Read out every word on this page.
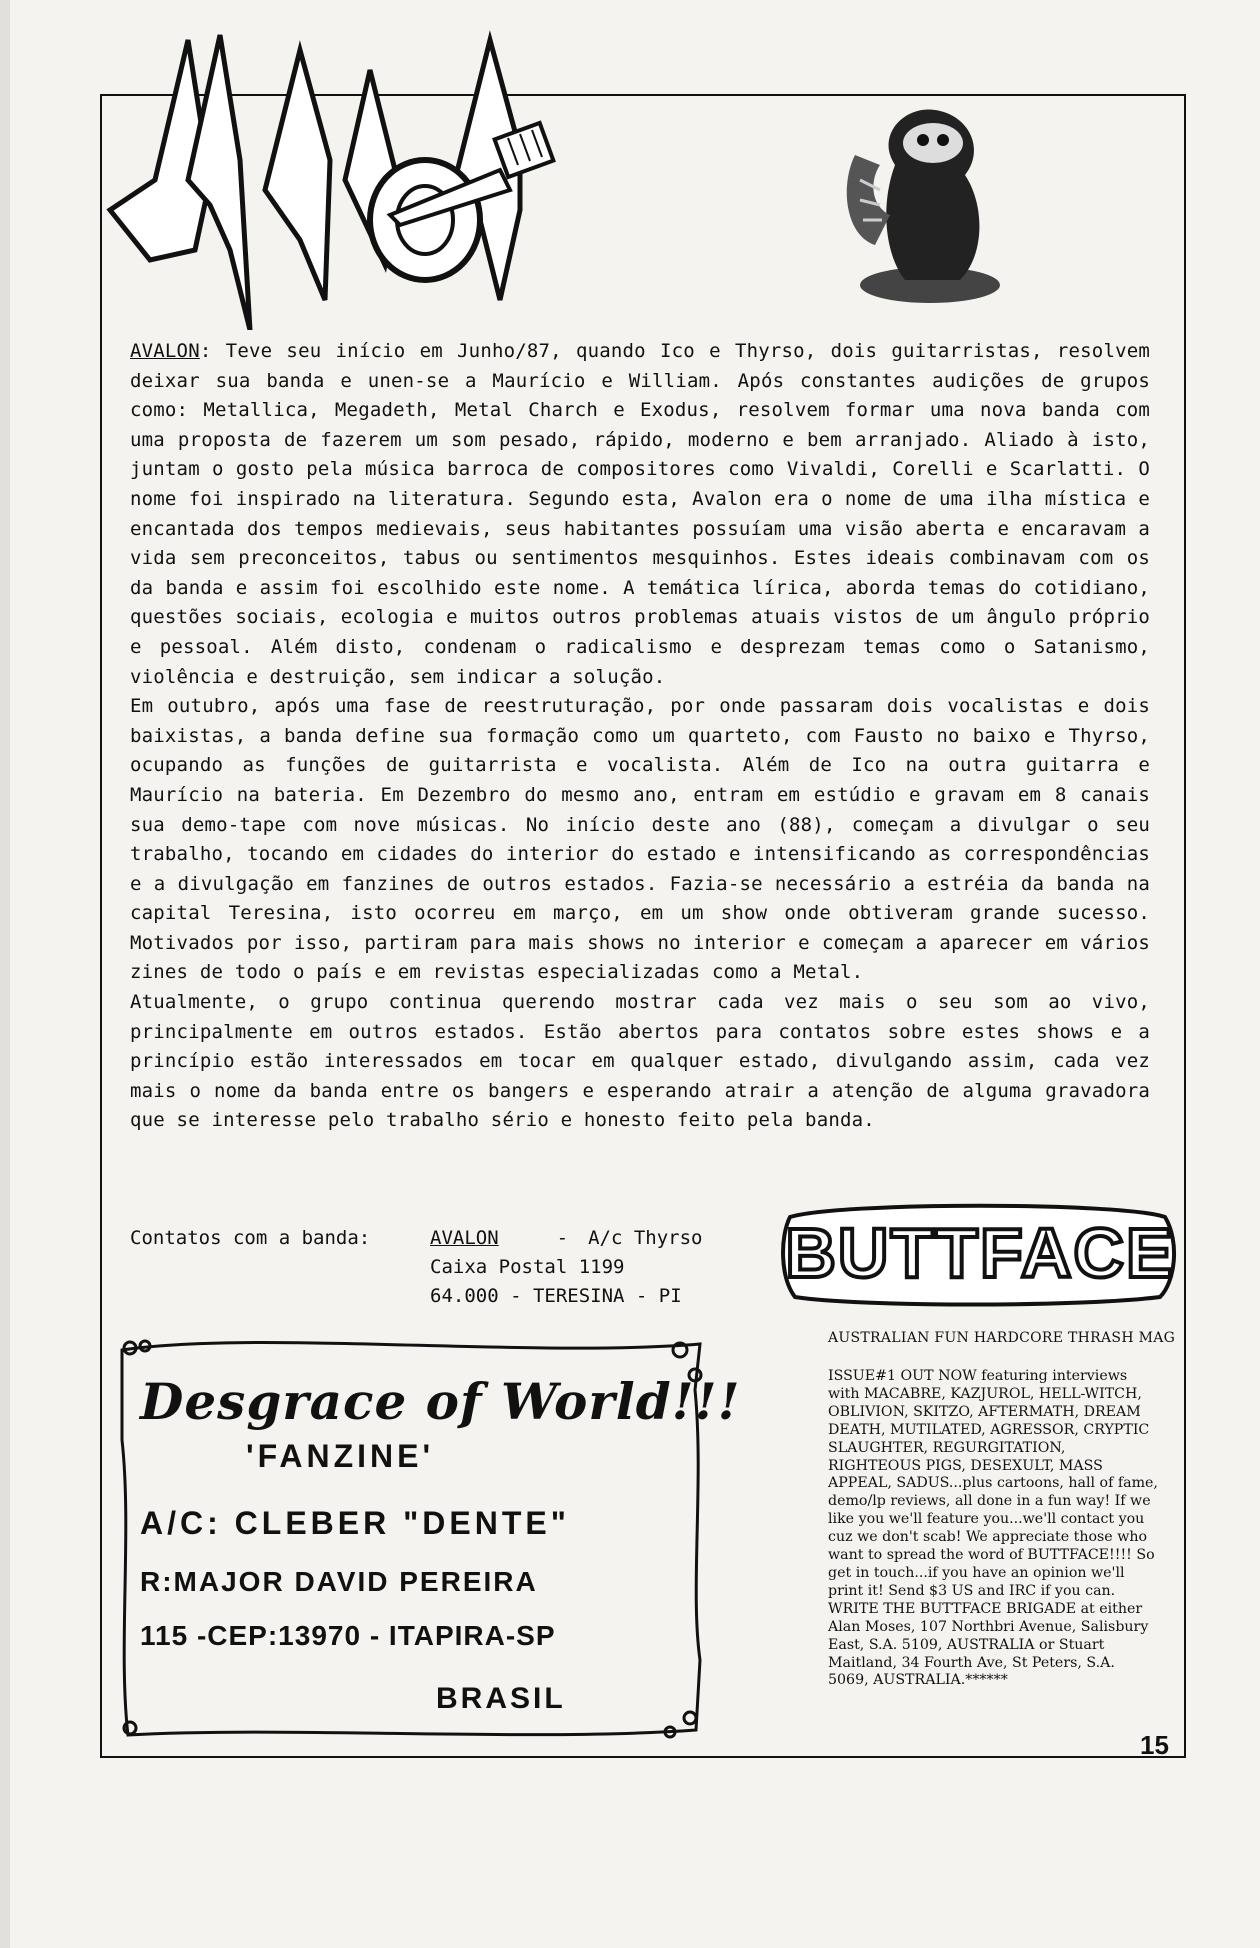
AVALON: Teve seu início em Junho/87, quando Ico e Thyrso, dois guitarristas, resolvem deixar sua banda e unen-se a Maurício e William. Após constantes audições de grupos como: Metallica, Megadeth, Metal Charch e Exodus, resolvem formar uma nova banda com uma proposta de fazerem um som pesado, rápido, moderno e bem arranjado. Aliado à isto, juntam o gosto pela música barroca de compositores como Vivaldi, Corelli e Scarlatti. O nome foi inspirado na literatura. Segundo esta, Avalon era o nome de uma ilha mística e encantada dos tempos medievais, seus habitantes possuíam uma visão aberta e encaravam a vida sem preconceitos, tabus ou sentimentos mesquinhos. Estes ideais combinavam com os da banda e assim foi escolhido este nome. A temática lírica, aborda temas do cotidiano, questões sociais, ecologia e muitos outros problemas atuais vistos de um ângulo próprio e pessoal. Além disto, condenam o radicalismo e desprezam temas como o Satanismo, violência e destruição, sem indicar a solução.

Em outubro, após uma fase de reestruturação, por onde passaram dois vocalistas e dois baixistas, a banda define sua formação como um quarteto, com Fausto no baixo e Thyrso, ocupando as funções de guitarrista e vocalista. Além de Ico na outra guitarra e Maurício na bateria. Em Dezembro do mesmo ano, entram em estúdio e gravam em 8 canais sua demo-tape com nove músicas. No início deste ano (88), começam a divulgar o seu trabalho, tocando em cidades do interior do estado e intensificando as correspondências e a divulgação em fanzines de outros estados. Fazia-se necessário a estréia da banda na capital Teresina, isto ocorreu em março, em um show onde obtiveram grande sucesso. Motivados por isso, partiram para mais shows no interior e começam a aparecer em vários zines de todo o país e em revistas especializadas como a Metal.

Atualmente, o grupo continua querendo mostrar cada vez mais o seu som ao vivo, principalmente em outros estados. Estão abertos para contatos sobre estes shows e a princípio estão interessados em tocar em qualquer estado, divulgando assim, cada vez mais o nome da banda entre os bangers e esperando atrair a atenção de alguma gravadora que se interesse pelo trabalho sério e honesto feito pela banda.

Contatos com a banda:	AVALON	- A/c Thyrso
Caixa Postal 1199
64.000 - TERESINA - PI
BUTTFACE
AUSTRALIAN FUN HARDCORE THRASH MAG
ISSUE#1 OUT NOW featuring interviews with MACABRE, KAZJUROL, HELL-WITCH, OBLIVION, SKITZO, AFTERMATH, DREAM DEATH, MUTILATED, AGRESSOR, CRYPTIC SLAUGHTER, REGURGITATION, RIGHTEOUS PIGS, DESEXULT, MASS APPEAL, SADUS...plus cartoons, hall of fame, demo/lp reviews, all done in a fun way! If we like you we'll feature you...we'll contact you cuz we don't scab! We appreciate those who want to spread the word of BUTTFACE!!!! So get in touch...if you have an opinion we'll print it! Send $3 US and IRC if you can. WRITE THE BUTTFACE BRIGADE at either Alan Moses, 107 Northbri Avenue, Salisbury East, S.A. 5109, AUSTRALIA or Stuart Maitland, 34 Fourth Ave, St Peters, S.A. 5069, AUSTRALIA.******
Desgrace of World!!!
'FANZINE'
A/C: CLEBER "DENTE"
R:MAJOR DAVID PEREIRA
115 -CEP:13970 - ITAPIRA-SP
BRASIL
15
